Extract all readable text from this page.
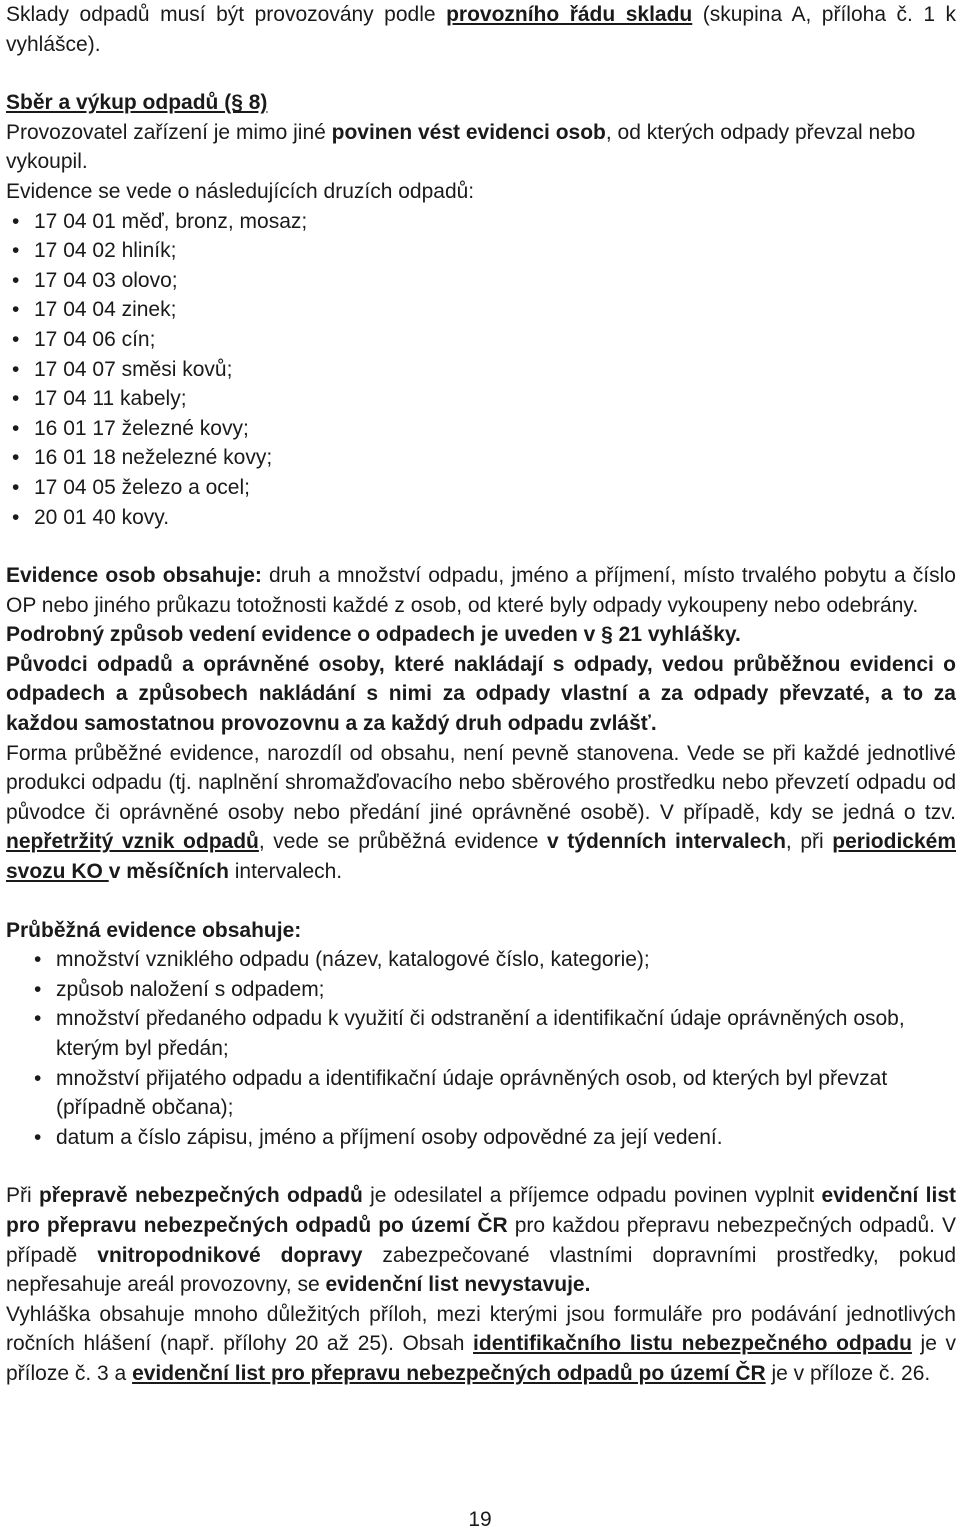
Sklady odpadů musí být provozovány podle provozního řádu skladu (skupina A, příloha č. 1 k vyhlášce).

Sběr a výkup odpadů (§ 8)

Provozovatel zařízení je mimo jiné povinen vést evidenci osob, od kterých odpady převzal nebo vykoupil.

Evidence se vede o následujících druzích odpadů:

• 17 04 01 měď, bronz, mosaz;
• 17 04 02 hliník;
• 17 04 03 olovo;
• 17 04 04 zinek;
• 17 04 06 cín;
• 17 04 07 směsi kovů;
• 17 04 11 kabely;
• 16 01 17 železné kovy;
• 16 01 18 neželezné kovy;
• 17 04 05 železo a ocel;
• 20 01 40 kovy.

Evidence osob obsahuje: druh a množství odpadu, jméno a příjmení, místo trvalého pobytu a číslo OP nebo jiného průkazu totožnosti každé z osob, od které byly odpady vykoupeny nebo odebrány.

Podrobný způsob vedení evidence o odpadech je uveden v § 21 vyhlášky.

Původci odpadů a oprávněné osoby, které nakládají s odpady, vedou průběžnou evidenci o odpadech a způsobech nakládání s nimi za odpady vlastní a za odpady převzaté, a to za každou samostatnou provozovnu a za každý druh odpadu zvlášť.

Forma průběžné evidence, narozdíl od obsahu, není pevně stanovena. Vede se při každé jednotlivé produkci odpadu (tj. naplnění shromažďovacího nebo sběrového prostředku nebo převzetí odpadu od původce či oprávněné osoby nebo předání jiné oprávněné osobě). V případě, kdy se jedná o tzv. nepřetržitý vznik odpadů, vede se průběžná evidence v týdenních intervalech, při periodickém svozu KO v měsíčních intervalech.

Průběžná evidence obsahuje:

• množství vzniklého odpadu (název, katalogové číslo, kategorie);
• způsob naložení s odpadem;
• množství předaného odpadu k využití či odstranění a identifikační údaje oprávněných osob, kterým byl předán;
• množství přijatého odpadu a identifikační údaje oprávněných osob, od kterých byl převzat (případně občana);
• datum a číslo zápisu, jméno a příjmení osoby odpovědné za její vedení.

Při přepravě nebezpečných odpadů je odesilatel a příjemce odpadu povinen vyplnit evidenční list pro přepravu nebezpečných odpadů po území ČR pro každou přepravu nebezpečných odpadů. V případě vnitropodnikové dopravy zabezpečované vlastními dopravními prostředky, pokud nepřesahuje areál provozovny, se evidenční list nevystavuje.

Vyhláška obsahuje mnoho důležitých příloh, mezi kterými jsou formuláře pro podávání jednotlivých ročních hlášení (např. přílohy 20 až 25). Obsah identifikačního listu nebezpečného odpadu je v příloze č. 3 a evidenční list pro přepravu nebezpečných odpadů po území ČR je v příloze č. 26.

19
